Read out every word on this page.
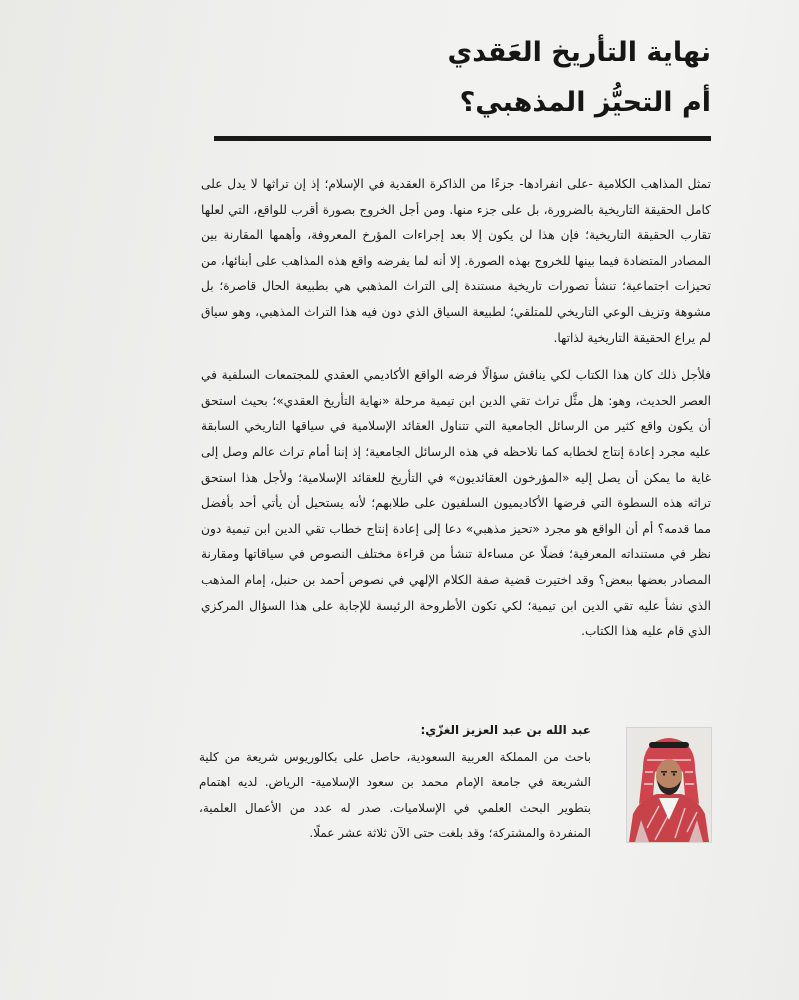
نهاية التأريخ العَقدي
أم التحيُّز المذهبي؟

تمثل المذاهب الكلامية -على انفرادها- جزءًا من الذاكرة العقدية في الإسلام؛ إذ إن تراثها لا يدل على كامل الحقيقة التاريخية بالضرورة، بل على جزء منها. ومن أجل الخروج بصورة أقرب للواقع، التي لعلها تقارب الحقيقة التاريخية؛ فإن هذا لن يكون إلا بعد إجراءات المؤرخ المعروفة، وأهمها المقارنة بين المصادر المتضادة فيما بينها للخروج بهذه الصورة. إلا أنه لما يفرضه واقع هذه المذاهب على أبنائها، من تحيزات اجتماعية؛ تنشأ تصورات تاريخية مستندة إلى التراث المذهبي هي بطبيعة الحال قاصرة؛ بل مشوهة وتزيف الوعي التاريخي للمتلقي؛ لطبيعة السياق الذي دون فيه هذا التراث المذهبي، وهو سياق لم يراع الحقيقة التاريخية لذاتها.

فلأجل ذلك كان هذا الكتاب لكي يناقش سؤالًا فرضه الواقع الأكاديمي العقدي للمجتمعات السلفية في العصر الحديث، وهو: هل مثَّل تراث تقي الدين ابن تيمية مرحلة «نهاية التأريخ العقدي»؛ بحيث استحق أن يكون واقع كثير من الرسائل الجامعية التي تتناول العقائد الإسلامية في سياقها التاريخي السابقة عليه مجرد إعادة إنتاج لخطابه كما نلاحظه في هذه الرسائل الجامعية؛ إذ إننا أمام تراث عالم وصل إلى غاية ما يمكن أن يصل إليه «المؤرخون العقائديون» في التأريخ للعقائد الإسلامية؛ ولأجل هذا استحق تراثه هذه السطوة التي فرضها الأكاديميون السلفيون على طلابهم؛ لأنه يستحيل أن يأتي أحد بأفضل مما قدمه؟ أم أن الواقع هو مجرد «تحيز مذهبي» دعا إلى إعادة إنتاج خطاب تقي الدين ابن تيمية دون نظر في مستنداته المعرفية؛ فضلًا عن مساءلة تنشأ من قراءة مختلف النصوص في سياقاتها ومقارنة المصادر بعضها ببعض؟ وقد اختيرت قضية صفة الكلام الإلهي في نصوص أحمد بن حنبل، إمام المذهب الذي نشأ عليه تقي الدين ابن تيمية؛ لكي تكون الأطروحة الرئيسة للإجابة على هذا السؤال المركزي الذي قام عليه هذا الكتاب.

عبد الله بن عبد العزيز الغزّي:

باحث من المملكة العربية السعودية، حاصل على بكالوريوس شريعة من كلية الشريعة في جامعة الإمام محمد بن سعود الإسلامية- الرياض. لديه اهتمام بتطوير البحث العلمي في الإسلاميات. صدر له عدد من الأعمال العلمية، المنفردة والمشتركة؛ وقد بلغت حتى الآن ثلاثة عشر عملًا.
